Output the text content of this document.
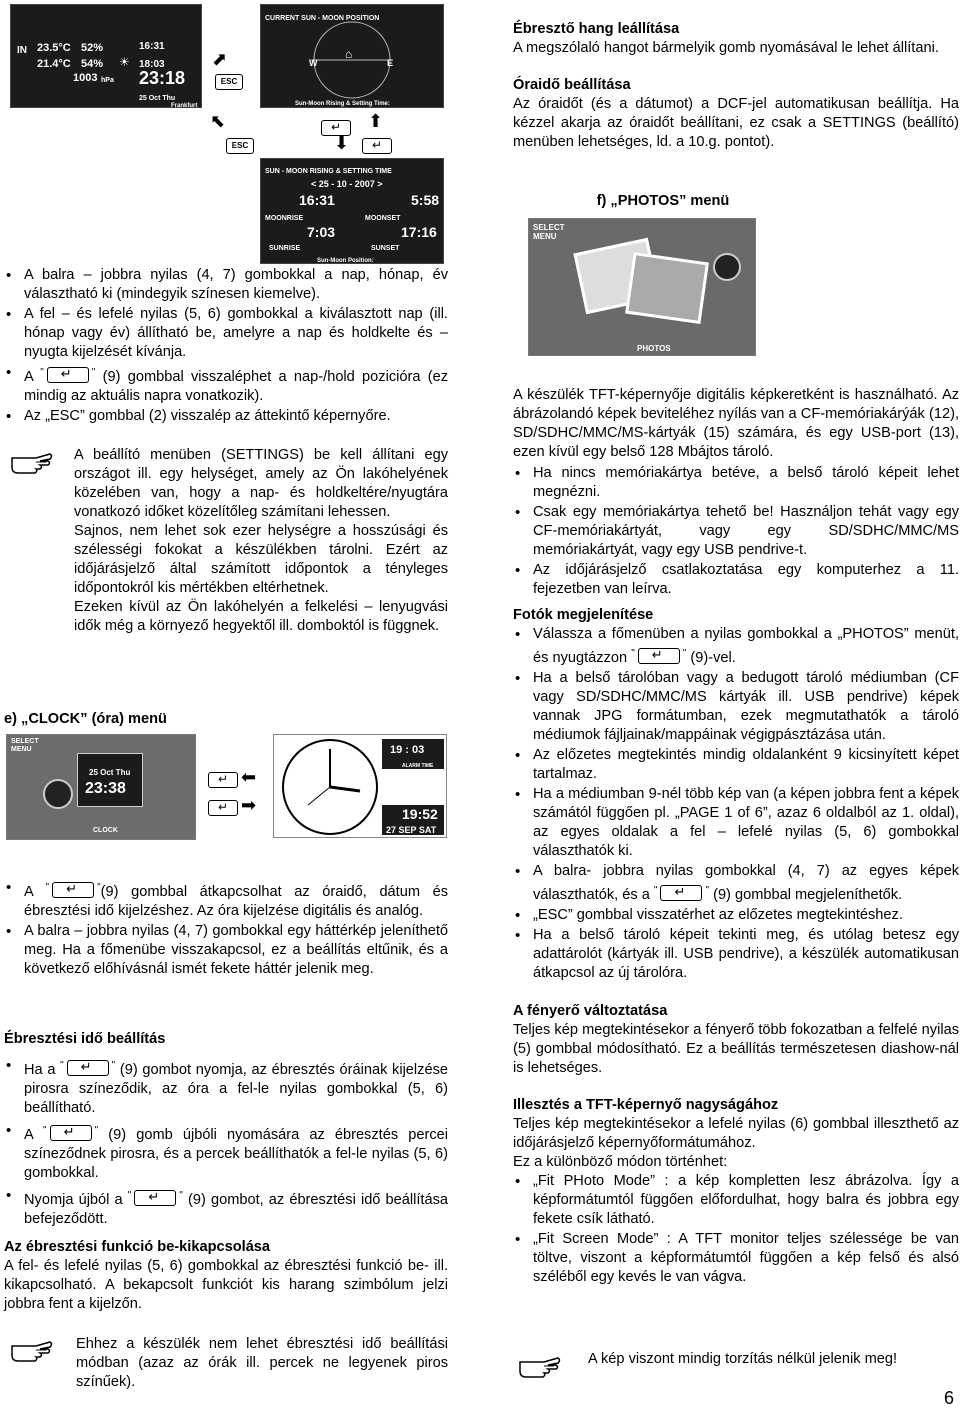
IN 23.5°C 52%
21.4°C 54%
1003 hPa
16:31
18:03
23:18
25 Oct Thu
Frankfurt
☀
ESC
⬈
CURRENT SUN - MOON POSITION
W	E
⌂
Sun-Moon Rising & Setting Time:
ESC
⬉	↵	⬆
⬇	↵
SUN - MOON RISING & SETTING TIME
< 25 - 10 - 2007 >
16:31
MOONRISE
5:58
MOONSET
7:03
SUNRISE
17:16
SUNSET
Sun-Moon Position:
• A balra – jobbra nyilas (4, 7) gombokkal a nap, hónap, év választható ki (mindegyik színesen kiemelve).
• A fel – és lefelé nyilas (5, 6) gombokkal a kiválasztott nap (ill. hónap vagy év) állítható be, amelyre a nap és holdkelte és –nyugta kijelzését kívánja.
• A " ↵	" (9) gombbal visszaléphet a nap-/hold pozicióra (ez mindig az aktuális napra vonatkozik).
• Az „ESC” gombbal (2) visszalép az áttekintő képernyőre.
A beállító menüben (SETTINGS) be kell állítani egy országot ill. egy helységet, amely az Ön lakóhelyének közelében van, hogy a nap- és holdkeltére/nyugtára vonatkozó időket közelítőleg számítani lehessen.
Sajnos, nem lehet sok ezer helységre a hosszúsági és szélességi fokokat a készülékben tárolni. Ezért az időjárásjelző által számított időpontok a tényleges időpontokról kis mértékben eltérhetnek.
Ezeken kívül az Ön lakóhelyén a felkelési – lenyugvási idők még a környező hegyektől ill. domboktól is függnek.
e) „CLOCK” (óra) menü
SELECT MENU
25 Oct Thu
23:38
CLOCK
19 : 03
ALARM TIME
19:52
27 SEP SAT
↵ ⬅
↵ ➡
• A " ↵	"(9) gombbal átkapcsolhat az óraidő, dátum és ébresztési idő kijelzéshez. Az óra kijelzése digitális és analóg.
• A balra – jobbra nyilas (4, 7) gombokkal egy háttérkép jeleníthető meg. Ha a főmenübe visszakapcsol, ez a beállítás eltűnik, és a következő előhívásnál ismét fekete háttér jelenik meg.
Ébresztési idő beállítás
• Ha a " ↵	" (9) gombot nyomja, az ébresztés óráinak kijelzése pirosra színeződik, az óra a fel-le nyilas gombokkal (5, 6) beállítható.
• A " ↵	" (9) gomb újbóli nyomására az ébresztés percei színeződnek pirosra, és a percek beállíthatók a fel-le nyilas (5, 6) gombokkal.
• Nyomja újból a " ↵	" (9) gombot, az ébresztési idő beállítása befejeződött.
Az ébresztési funkció be-kikapcsolása
A fel- és lefelé nyilas (5, 6) gombokkal az ébresztési funkció be- ill. kikapcsolható. A bekapcsolt funkciót kis harang szimbólum jelzi jobbra fent a kijelzőn.
Ehhez a készülék nem lehet ébresztési idő beállítási módban (azaz az órák ill. percek ne legyenek piros színűek).
Ébresztő hang leállítása
A megszólaló hangot bármelyik gomb nyomásával le lehet állítani.
Óraidő beállítása
Az óraidőt (és a dátumot) a DCF-jel automatikusan beállítja. Ha kézzel akarja az óraidőt beállítani, ez csak a SETTINGS (beállító) menüben lehetséges, ld. a 10.g. pontot).
f) „PHOTOS” menü
SELECT MENU
PHOTOS
A készülék TFT-képernyője digitális képkeretként is használható. Az ábrázolandó képek beviteléhez nyílás van a CF-memóriakárýák (12), SD/SDHC/MMC/MS-kártyák (15) számára, és egy USB-port (13), ezen kívül egy belső 128 Mbájtos tároló.
• Ha nincs memóriakártya betéve, a belső tároló képeit lehet megnézni.
• Csak egy memóriakártya tehető be! Használjon tehát vagy egy CF-memóriakártyát, vagy egy SD/SDHC/MMC/MS memóriakártyát, vagy egy USB pendrive-t.
• Az időjárásjelző csatlakoztatása egy komputerhez a 11. fejezetben van leírva.
Fotók megjelenítése
• Válassza a főmenüben a nyilas gombokkal a „PHOTOS” menüt, és nyugtázzon " ↵	" (9)-vel.
• Ha a belső tárolóban vagy a bedugott tároló médiumban (CF vagy SD/SDHC/MMC/MS kártyák ill. USB pendrive) képek vannak JPG formátumban, ezek megmutathatók a tároló médiumok fájljainak/mappáinak végigpásztázása után.
• Az előzetes megtekintés mindig oldalanként 9 kicsinyített képet tartalmaz.
• Ha a médiumban 9-nél több kép van (a képen jobbra fent a képek számától függően pl. „PAGE 1 of 6”, azaz 6 oldalból az 1. oldal), az egyes oldalak a fel – lefelé nyilas (5, 6) gombokkal választhatók ki.
• A balra- jobbra nyilas gombokkal (4, 7) az egyes képek választhatók, és a " ↵	" (9) gombbal megjeleníthetők.
• „ESC” gombbal visszatérhet az előzetes megtekintéshez.
• Ha a belső tároló képeit tekinti meg, és utólag betesz egy adattárolót (kártyák ill. USB pendrive), a készülék automatikusan átkapcsol az új tárolóra.
A fényerő változtatása
Teljes kép megtekintésekor a fényerő több fokozatban a felfelé nyilas (5) gombbal módosítható. Ez a beállítás természetesen diashow-nál is lehetséges.
Illesztés a TFT-képernyő nagyságához
Teljes kép megtekintésekor a lefelé nyilas (6) gombbal illeszthető az időjárásjelző képernyőformátumához.
Ez a különböző módon történhet:
• „Fit PHoto Mode” : a kép kompletten lesz ábrázolva. Így a képformátumtól függően előfordulhat, hogy balra és jobbra egy fekete csík látható.
• „Fit Screen Mode” : A TFT monitor teljes szélessége be van töltve, viszont a képformátumtól függően a kép felső és alsó széléből egy kevés le van vágva.
A kép viszont mindig torzítás nélkül jelenik meg!
6
